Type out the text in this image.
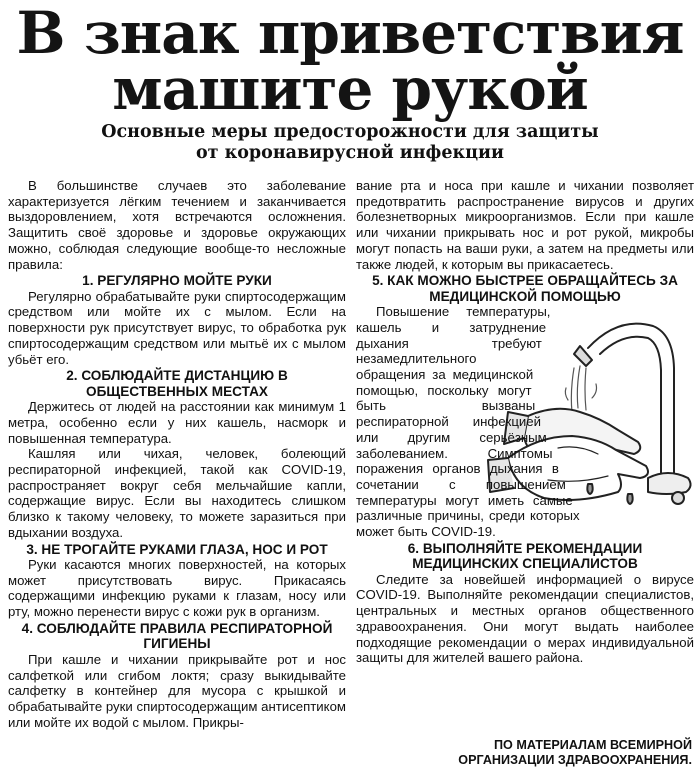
В знак приветствия
машите рукой
Основные меры предосторожности для защиты
от коронавирусной инфекции

В большинстве случаев это заболевание характеризуется лёгким течением и заканчивается выздоровлением, хотя встречаются осложнения. Защитить своё здоровье и здоровье окружающих можно, соблюдая следующие вообще-то несложные правила:

1. РЕГУЛЯРНО МОЙТЕ РУКИ

Регулярно обрабатывайте руки спиртосодержащим средством или мойте их с мылом. Если на поверхности рук присутствует вирус, то обработка рук спиртосодержащим средством или мытьё их с мылом убьёт его.

2. СОБЛЮДАЙТЕ ДИСТАНЦИЮ В ОБЩЕСТВЕННЫХ МЕСТАХ

Держитесь от людей на расстоянии как минимум 1 метра, особенно если у них кашель, насморк и повышенная температура.

Кашляя или чихая, человек, болеющий респираторной инфекцией, такой как COVID-19, распространяет вокруг себя мельчайшие капли, содержащие вирус. Если вы находитесь слишком близко к такому человеку, то можете заразиться при вдыхании воздуха.

3. НЕ ТРОГАЙТЕ РУКАМИ ГЛАЗА, НОС И РОТ

Руки касаются многих поверхностей, на которых может присутствовать вирус. Прикасаясь содержащими инфекцию руками к глазам, носу или рту, можно перенести вирус с кожи рук в организм.

4. СОБЛЮДАЙТЕ ПРАВИЛА РЕСПИРАТОРНОЙ ГИГИЕНЫ

При кашле и чихании прикрывайте рот и нос салфеткой или сгибом локтя; сразу выкидывайте салфетку в контейнер для мусора с крышкой и обрабатывайте руки спиртосодержащим антисептиком или мойте их водой с мылом. Прикры-

вание рта и носа при кашле и чихании позволяет предотвратить распространение вирусов и других болезнетворных микроорганизмов. Если при кашле или чихании прикрывать нос и рот рукой, микробы могут попасть на ваши руки, а затем на предметы или также людей, к которым вы прикасаетесь.

5. КАК МОЖНО БЫСТРЕЕ ОБРАЩАЙТЕСЬ ЗА МЕДИЦИНСКОЙ ПОМОЩЬЮ

Повышение температуры, кашель и затруднение дыхания требуют незамедлительного обращения за медицинской помощью, поскольку могут быть вызваны респираторной инфекцией или другим серьёзным заболеванием. Симптомы поражения органов дыхания в сочетании с повышением температуры могут иметь самые различные причины, среди которых может быть COVID-19.

6. ВЫПОЛНЯЙТЕ РЕКОМЕНДАЦИИ МЕДИЦИНСКИХ СПЕЦИАЛИСТОВ

Следите за новейшей информацией о вирусе COVID-19. Выполняйте рекомендации специалистов, центральных и местных органов общественного здравоохранения. Они могут выдать наиболее подходящие рекомендации о мерах индивидуальной защиты для жителей вашего района.

ПО МАТЕРИАЛАМ ВСЕМИРНОЙ
ОРГАНИЗАЦИИ ЗДРАВООХРАНЕНИЯ.
